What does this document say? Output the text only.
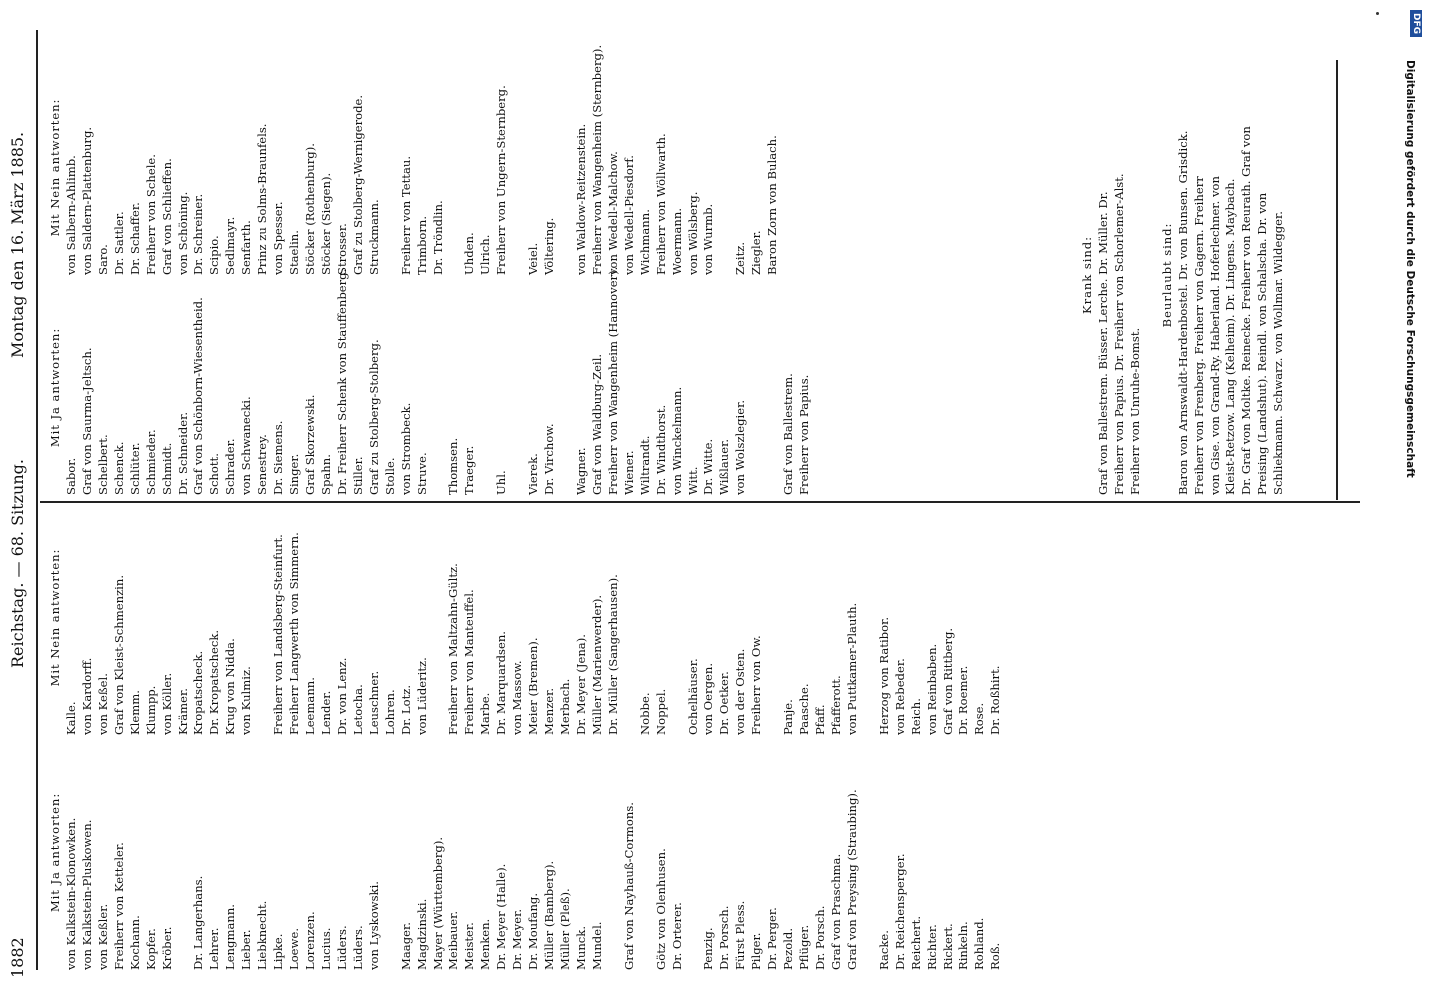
1882
Reichstag. — 68. Sitzung.
Montag den 16. März 1885.
Mit Ja antworten: von Kalkstein-Klonowken. von Kalkstein-Pluskowen. von Keßler. Freiherr von Ketteler. Kochann. Kopfer. Kröber. Dr. Langerhans. Lehrer. Lengmann. Lieber. Liebknecht. Lipke. Loewe. Lorenzen. Lucius. Lüders. Lüders. von Lyskowski. Maager. Magdzinski. Mayer (Württemberg). Meibauer. Meister. Menken. Dr. Meyer (Halle). Dr. Meyer. Dr. Moufang. Müller (Bamberg). Müller (Pleß). Munck. Mundel. Graf von Nayhauß-Cormons. Götz von Olenhusen. Dr. Orterer. Penzig. Dr. Porsch. Fürst Pless. Pilger. Dr. Perger. Pezold. Pflüger. Dr. Porsch. Graf von Praschma. Graf von Preysing (Straubing). Racke. Dr. Reichensperger. Reichert. Richter. Rickert. Rinkeln. Rohland. Roß.
Mit Nein antworten:
Kalle. von Kardorff. von Keßel. Graf von Kleist-Schmenzin. Klemm. Klumpp. von Köller. Krämer. Kropatscheck. Dr. Kropatscheck. Krug von Nidda. von Kulmiz. Freiherr von Landsberg-Steinfurt. Freiherr Langwerth von Simmern. Leemann. Lender. Dr. von Lenz. Letocha. Leuschner. Lohren. Dr. Lotz. von Lüderitz. Freiherr von Maltzahn-Gültz. Freiherr von Manteuffel. Marbe. Dr. Marquardsen. von Massow. Meier (Bremen). Menzer. Merbach. Dr. Meyer (Jena). Müller (Marienwerder). Dr. Müller (Sangerhausen). Nobbe. Noppel. Ochelhäuser. von Oergen. Dr. Oetker. von der Osten. Freiherr von Ow. Panje. Paasche. Pfaff. Pfafferott. von Puttkamer-Plauth. Herzog von Ratibor. von Rebeder. Reich. von Reinbaben. Graf von Rittberg. Dr. Roemer. Rose. Dr. Roßhirt.
Mit Ja antworten:
Sabor. Graf von Saurma-Jeltsch. Schelbert. Schenck. Schlüter. Schmieder. Schmidt. Dr. Schneider. Graf von Schönborn-Wiesentheid. Schott. Schrader. von Schwanecki. Senestrey. Dr. Siemens. Singer. Graf Skorzewski. Spahn. Dr. Freiherr Schenk von Stauffenberg. Stiller. Graf zu Stolberg-Stolberg. Stolle. von Strombeck. Struve. Thomsen. Traeger. Uhl. Vierek. Dr. Virchow. Wagner. Graf von Waldburg-Zeil. Freiherr von Wangenheim (Hannover). Wiener. Wiltrandt. Dr. Windthorst. von Winckelmann. Witt. Dr. Witte. Wißlauer. von Wolszlegier.	Graf von Ballestrem. Freiherr von Papius.
Mit Nein antworten: von Salbern-Ahlimb. von Saldern-Plattenburg. Saro. Dr. Sattler. Dr. Schaffer. Freiherr von Schele. Graf von Schlieffen. von Schöning. Dr. Schreiner. Scipio. Sedlmayr. Senfarth. Prinz zu Solms-Braunfels. von Spesser. Staelin. Stöcker (Rothenburg). Stöcker (Siegen). Strosser. Graf zu Stolberg-Wernigerode. Struckmann. Freiherr von Tettau. Trimborn. Dr. Tröndlin. Uhden. Ulrich. Freiherr von Ungern-Sternberg. Veiel. Völtering. von Waldow-Reitzenstein. Freiherr von Wangenheim (Sternberg). von Wedell-Malchow. von Wedell-Piesdorf. Wichmann. Freiherr von Wöllwarth. Woermann. von Wölsberg. von Wurmb. Zeitz. Ziegler. Baron Zorn von Bulach.	Krank sind: Graf von Ballestrem. Büsser. Lerche. Dr. Müller. Dr. Freiherr von Papius. Dr. Freiherr von Schorlemer-Alst. Freiherr von Unruhe-Bomst.
Beurlaubt sind: Baron von Arnswaldt-Hardenbostel. Dr. von Bunsen. Grisdick. Freiherr von Frenberg. Freiherr von Gagern. Freiherr von Gise. von Grand-Ry. Haberland. Hoferlechner. von Kleist-Retzow. Lang (Kelheim). Dr. Lingens. Maybach. Dr. Graf von Moltke. Reinecke. Freiherr von Reurath. Graf von Preising (Landshut). Reindl. von Schalscha. Dr. von Schliekmann. Schwarz. von Wollmar. Wildegger.	Digitalisierung gefördert durch die Deutsche Forschungsgemeinschaft
DFG
